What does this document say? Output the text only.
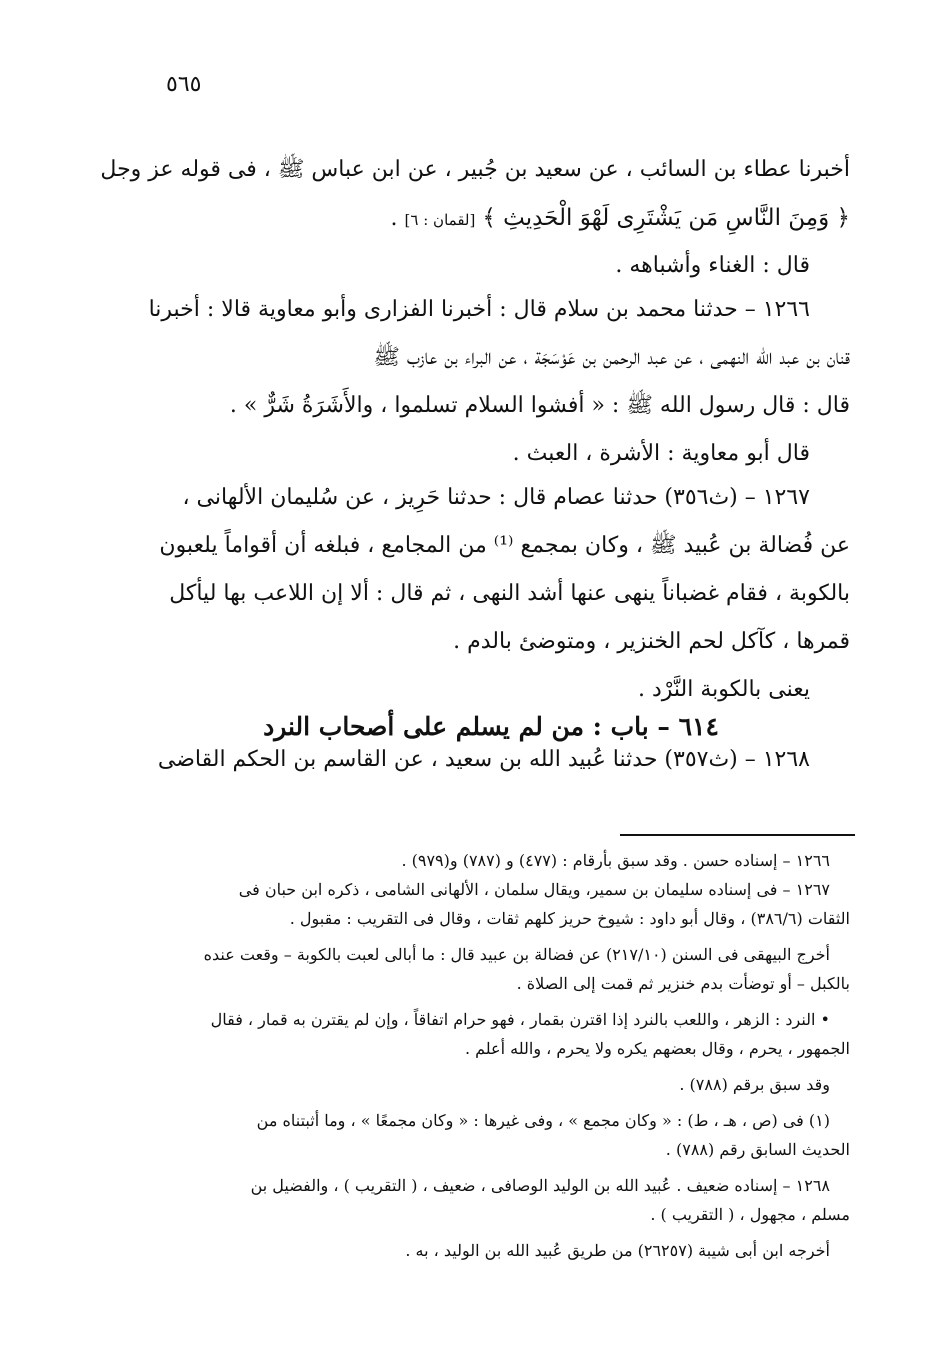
٥٦٥
أخبرنا عطاء بن السائب ، عن سعيد بن جُبير ، عن ابن عباس ﷺ ، فى قوله عز وجل
﴿ وَمِنَ النَّاسِ مَن يَشْتَرِى لَهْوَ الْحَدِيثِ ﴾ [لقمان : ٦] .
قال : الغناء وأشباهه .
١٢٦٦ – حدثنا محمد بن سلام قال : أخبرنا الفزارى وأبو معاوية قالا : أخبرنا
قنان بن عبد الله النهمى ، عن عبد الرحمن بن عَوْسَجَة ، عن البراء بن عازب ﷺ
قال : قال رسول الله ﷺ : « أفشوا السلام تسلموا ، والأَشَرَةُ شَرٌّ » .
قال أبو معاوية : الأشرة ، العبث .
١٢٦٧ – (ث٣٥٦) حدثنا عصام قال : حدثنا حَرِيز ، عن سُليمان الألهانى ،
عن فُضالة بن عُبيد ﷺ ، وكان بمجمع ⁽¹⁾ من المجامع ، فبلغه أن أقواماً يلعبون
بالكوبة ، فقام غضباناً ينهى عنها أشد النهى ، ثم قال : ألا إن اللاعب بها ليأكل
قمرها ، كآكل لحم الخنزير ، ومتوضئ بالدم .
يعنى بالكوبة النَّرْد .
٦١٤ – باب : من لم يسلم على أصحاب النرد
١٢٦٨ – (ث٣٥٧) حدثنا عُبيد الله بن سعيد ، عن القاسم بن الحكم القاضى
١٢٦٦ – إسناده حسن . وقد سبق بأرقام : (٤٧٧) و (٧٨٧) و(٩٧٩) .
١٢٦٧ – فى إسناده سليمان بن سمير، ويقال سلمان ، الألهانى الشامى ، ذكره ابن حبان فى
الثقات (٣٨٦/٦) ، وقال أبو داود : شيوخ حريز كلهم ثقات ، وقال فى التقريب : مقبول .
أخرج البيهقى فى السنن (٢١٧/١٠) عن فضالة بن عبيد قال : ما أبالى لعبت بالكوبة – وقعت عنده
بالكبل – أو توضأت بدم خنزير ثم قمت إلى الصلاة .
• النرد : الزهر ، واللعب بالنرد إذا اقترن بقمار ، فهو حرام اتفاقاً ، وإن لم يقترن به قمار ، فقال
الجمهور ، يحرم ، وقال بعضهم يكره ولا يحرم ، والله أعلم .
وقد سبق برقم (٧٨٨) .
(١) فى (ص ، هـ ، ط) : « وكان مجمع » ، وفى غيرها : « وكان مجمعًا » ، وما أثبتناه من
الحديث السابق رقم (٧٨٨) .
١٢٦٨ – إسناده ضعيف . عُبيد الله بن الوليد الوصافى ، ضعيف ، ( التقريب ) ، والفضيل بن
مسلم ، مجهول ، ( التقريب ) .
أخرجه ابن أبى شيبة (٢٦٢٥٧) من طريق عُبيد الله بن الوليد ، به .
